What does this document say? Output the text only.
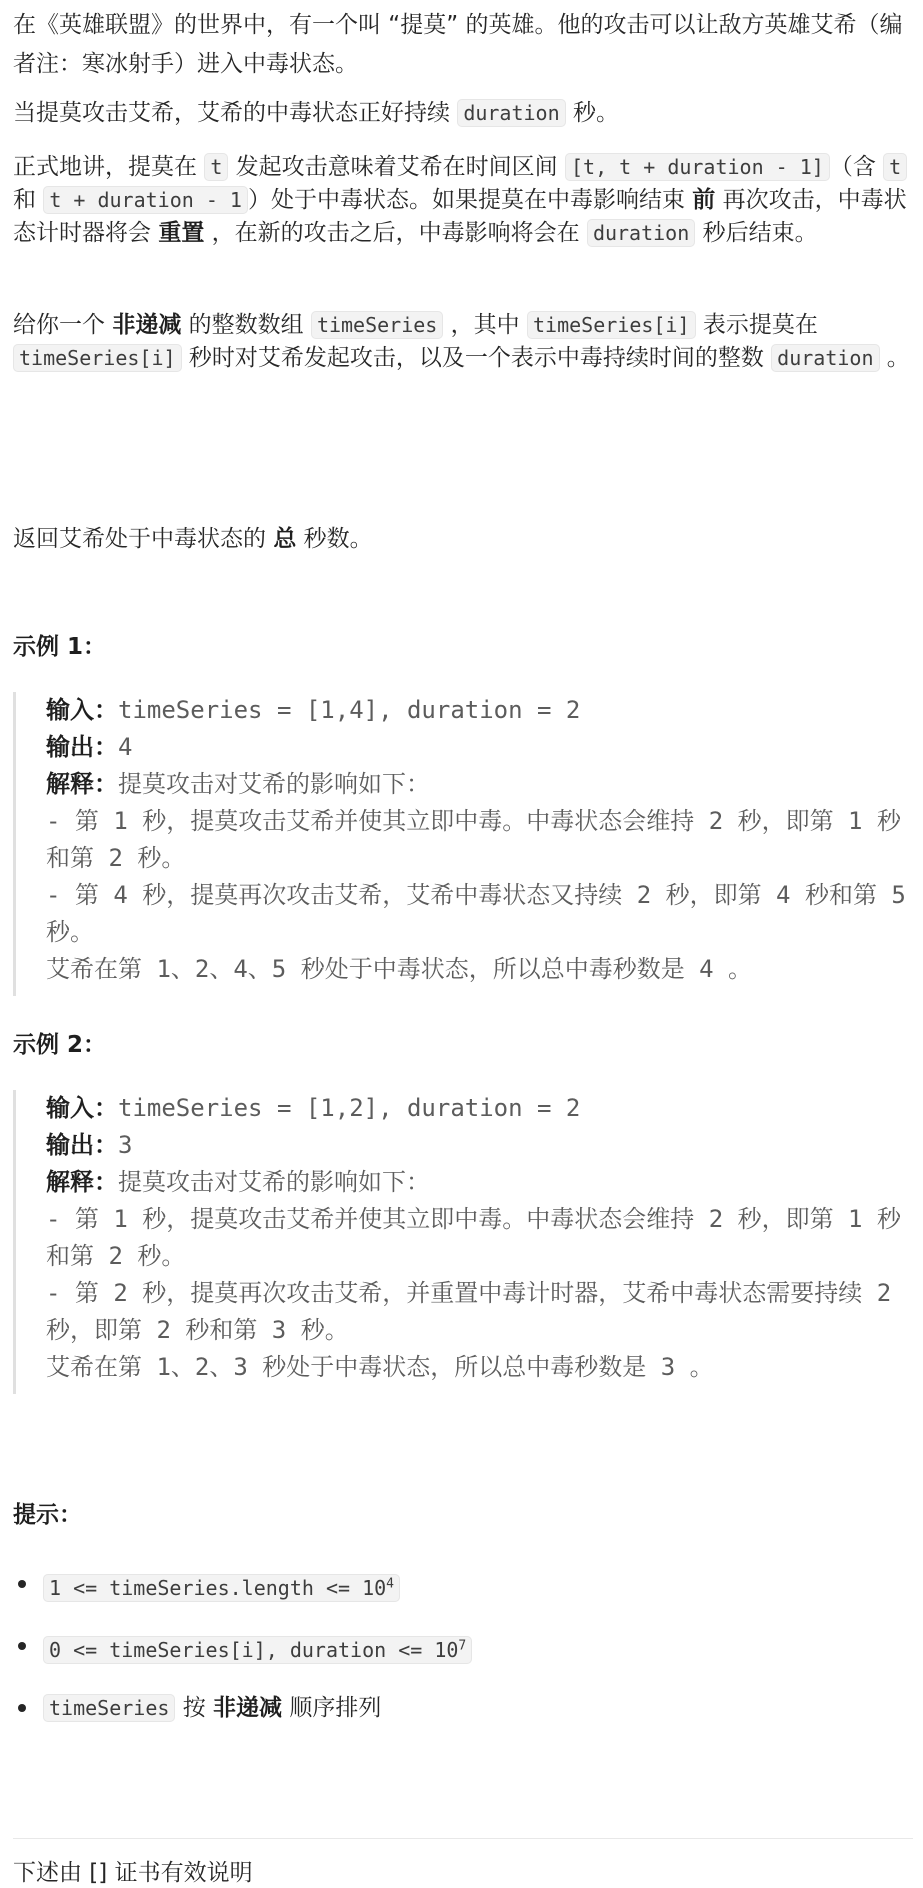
在《英雄联盟》的世界中，有一个叫 “提莫” 的英雄。他的攻击可以让敌方英雄艾希（编者注：寒冰射手）进入中毒状态。

当提莫攻击艾希，艾希的中毒状态正好持续 duration 秒。

正式地讲，提莫在 t 发起攻击意味着艾希在时间区间 [t, t + duration - 1] （含 t 和 t + duration - 1 ）处于中毒状态。如果提莫在中毒影响结束 前 再次攻击，中毒状态计时器将会 重置 ，在新的攻击之后，中毒影响将会在 duration 秒后结束。

给你一个 非递减 的整数数组 timeSeries ，其中 timeSeries[i] 表示提莫在 timeSeries[i] 秒时对艾希发起攻击，以及一个表示中毒持续时间的整数 duration 。

返回艾希处于中毒状态的 总 秒数。

示例 1：
输入：timeSeries = [1,4], duration = 2
输出：4
解释：提莫攻击对艾希的影响如下：
- 第 1 秒，提莫攻击艾希并使其立即中毒。中毒状态会维持 2 秒，即第 1 秒和第 2 秒。
- 第 4 秒，提莫再次攻击艾希，艾希中毒状态又持续 2 秒，即第 4 秒和第 5 秒。
艾希在第 1、2、4、5 秒处于中毒状态，所以总中毒秒数是 4 。
示例 2：
输入：timeSeries = [1,2], duration = 2
输出：3
解释：提莫攻击对艾希的影响如下：
- 第 1 秒，提莫攻击艾希并使其立即中毒。中毒状态会维持 2 秒，即第 1 秒和第 2 秒。
- 第 2 秒，提莫再次攻击艾希，并重置中毒计时器，艾希中毒状态需要持续 2 秒，即第 2 秒和第 3 秒。
艾希在第 1、2、3 秒处于中毒状态，所以总中毒秒数是 3 。
提示：
1 <= timeSeries.length <= $10^4$
0 <= timeSeries[i], duration <= $10^7$
timeSeries 按 非递减 顺序排列
下述由 [] 证书有效说明
